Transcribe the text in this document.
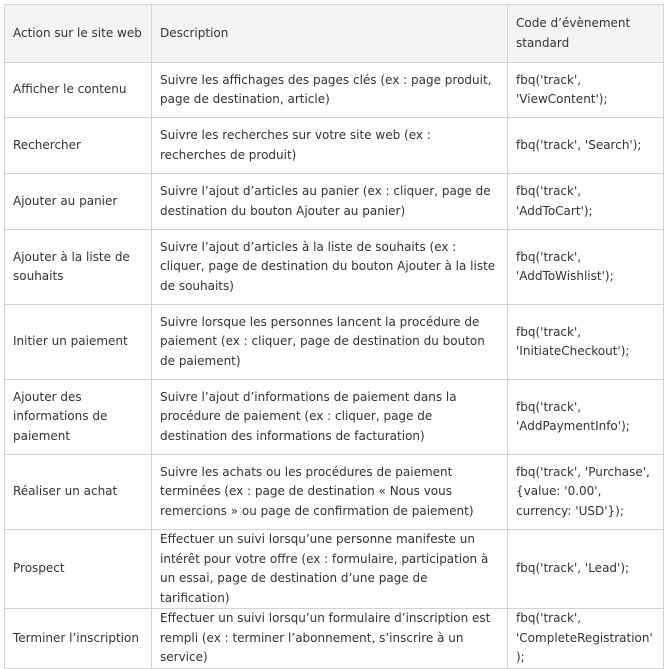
Action sur le site web	Description	Code d’évènement standard
Afficher le contenu	Suivre les affichages des pages clés (ex : page produit, page de destination, article)	fbq('track', 'ViewContent');
Rechercher	Suivre les recherches sur votre site web (ex : recherches de produit)	fbq('track', 'Search');
Ajouter au panier	Suivre l’ajout d’articles au panier (ex : cliquer, page de destination du bouton Ajouter au panier)	fbq('track', 'AddToCart');
Ajouter à la liste de souhaits	Suivre l’ajout d’articles à la liste de souhaits (ex : cliquer, page de destination du bouton Ajouter à la liste de souhaits)	fbq('track', 'AddToWishlist');
Initier un paiement	Suivre lorsque les personnes lancent la procédure de paiement (ex : cliquer, page de destination du bouton de paiement)	fbq('track', 'InitiateCheckout');
Ajouter des informations de paiement	Suivre l’ajout d’informations de paiement dans la procédure de paiement (ex : cliquer, page de destination des informations de facturation)	fbq('track', 'AddPaymentInfo');
Réaliser un achat	Suivre les achats ou les procédures de paiement terminées (ex : page de destination « Nous vous remercions » ou page de confirmation de paiement)	fbq('track', 'Purchase', {value: '0.00', currency: 'USD'});
Prospect	Effectuer un suivi lorsqu’une personne manifeste un intérêt pour votre offre (ex : formulaire, participation à un essai, page de destination d’une page de tarification)	fbq('track', 'Lead');
Terminer l’inscription	Effectuer un suivi lorsqu’un formulaire d’inscription est rempli (ex : terminer l’abonnement, s’inscrire à un service)	fbq('track', 'CompleteRegistration');
